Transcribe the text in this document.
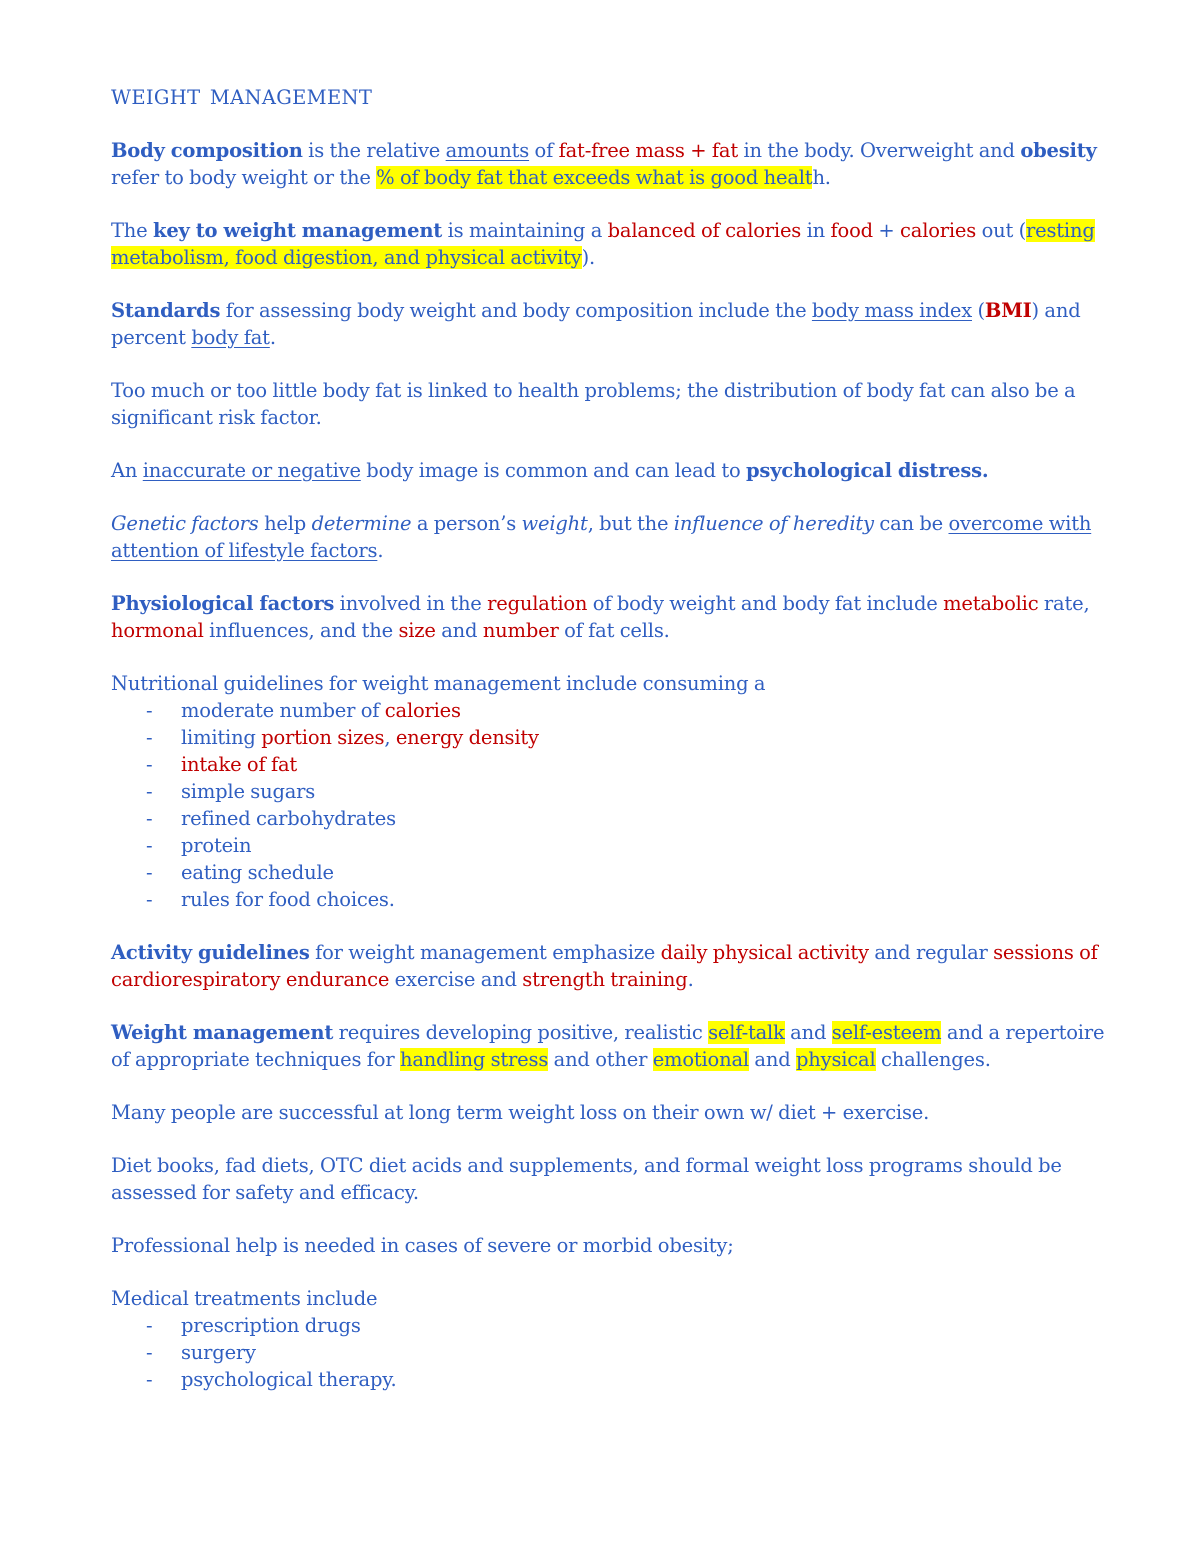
WEIGHT MANAGEMENT

Body composition is the relative amounts of fat-free mass + fat in the body. Overweight and obesity refer to body weight or the % of body fat that exceeds what is good health.

The key to weight management is maintaining a balanced of calories in food + calories out (resting metabolism, food digestion, and physical activity).

Standards for assessing body weight and body composition include the body mass index (BMI) and percent body fat.

Too much or too little body fat is linked to health problems; the distribution of body fat can also be a significant risk factor.

An inaccurate or negative body image is common and can lead to psychological distress.

Genetic factors help determine a person’s weight, but the influence of heredity can be overcome with attention of lifestyle factors.

Physiological factors involved in the regulation of body weight and body fat include metabolic rate, hormonal influences, and the size and number of fat cells.

Nutritional guidelines for weight management include consuming a

- moderate number of calories
- limiting portion sizes, energy density
- intake of fat
- simple sugars
- refined carbohydrates
- protein
- eating schedule
- rules for food choices.

Activity guidelines for weight management emphasize daily physical activity and regular sessions of cardiorespiratory endurance exercise and strength training.

Weight management requires developing positive, realistic self-talk and self-esteem and a repertoire of appropriate techniques for handling stress and other emotional and physical challenges.

Many people are successful at long term weight loss on their own w/ diet + exercise.

Diet books, fad diets, OTC diet acids and supplements, and formal weight loss programs should be assessed for safety and efficacy.

Professional help is needed in cases of severe or morbid obesity;

Medical treatments include

- prescription drugs
- surgery
- psychological therapy.
